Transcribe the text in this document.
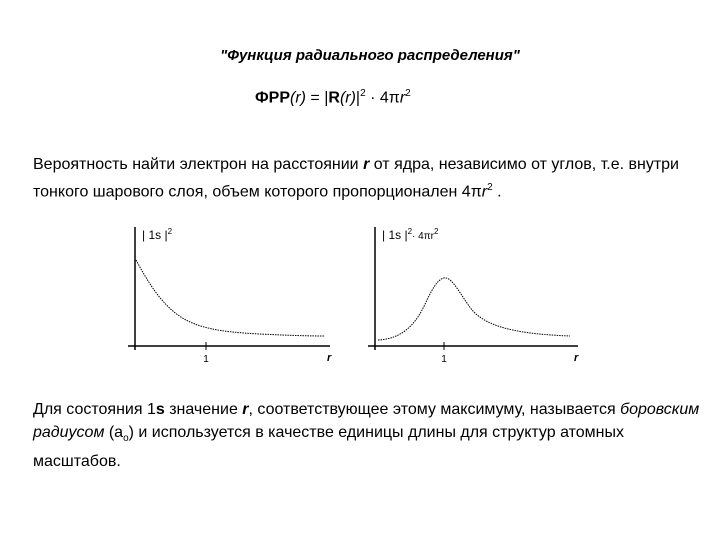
"Функция радиального распределения"
$ФРР(r) = |R(r)|^2 \cdot 4\pi r^2$
Вероятность найти электрон на расстоянии r от ядра, независимо от углов, т.е. внутри тонкого шарового слоя, объем которого пропорционален $4\pi r^2$ .
| 1s $|^2$
1	r
| 1s $|^2_{\cdot 4\pi r}^2$
1	r
Для состояния 1s значение r, соответствующее этому максимуму, называется боровским радиусом $(a_o)$ и используется в качестве единицы длины для структур атомных масштабов.
